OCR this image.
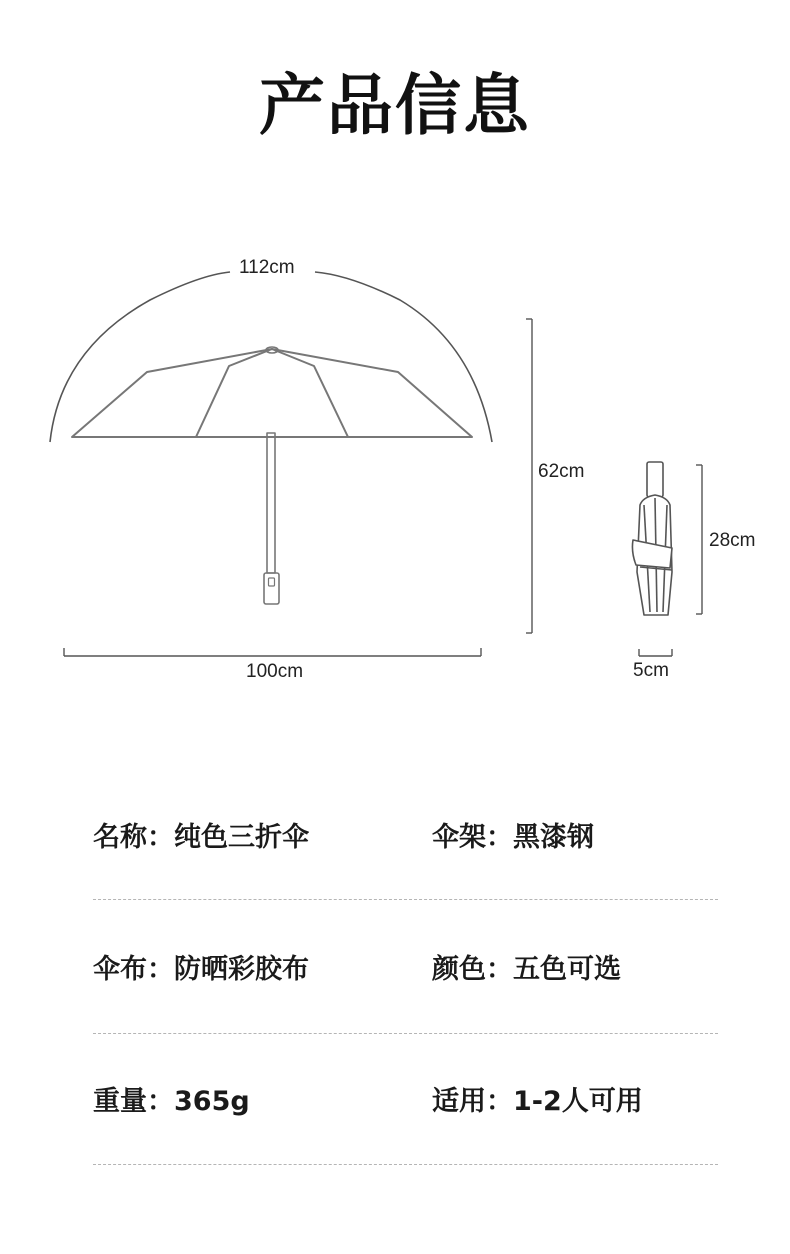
产品信息
112cm
62cm
100cm
28cm
5cm
名称：纯色三折伞	伞架：黑漆钢
伞布：防晒彩胶布	颜色：五色可选
重量：365g	适用：1-2人可用
